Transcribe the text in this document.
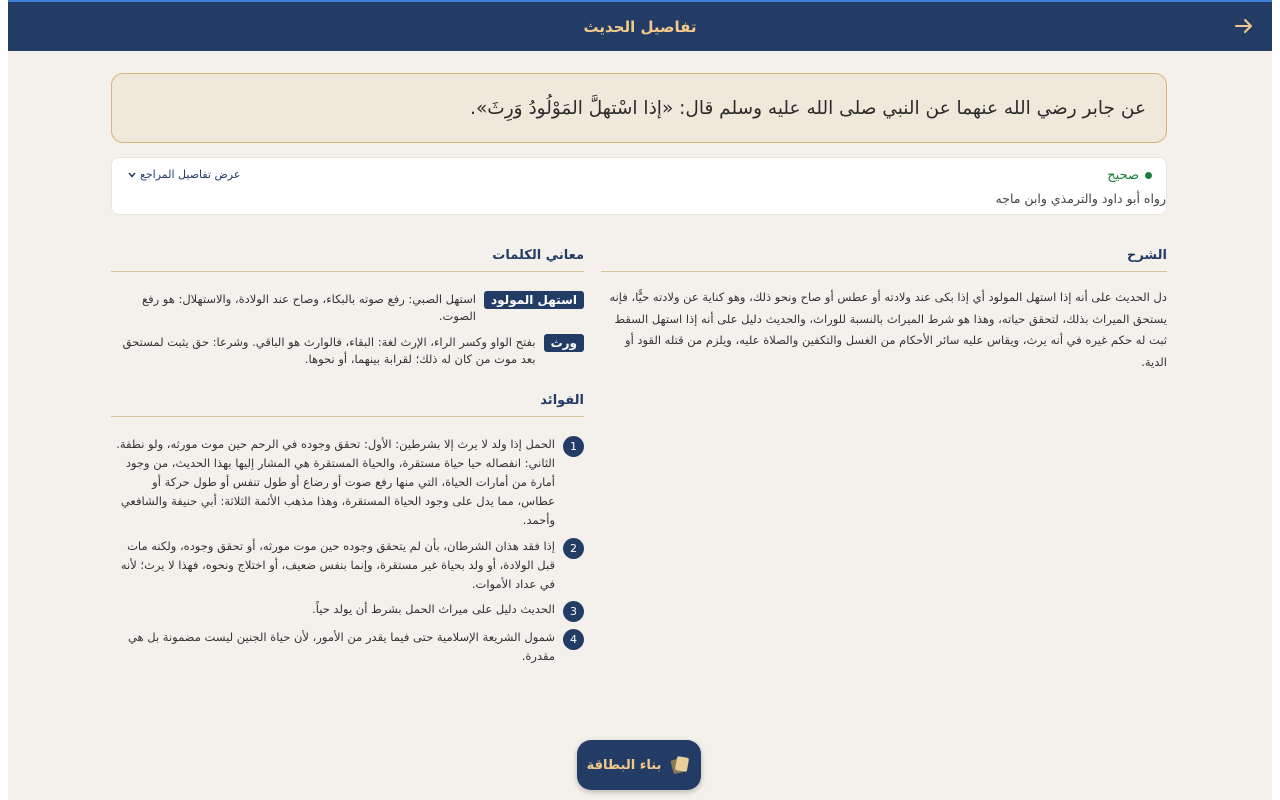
تفاصيل الحديث
عن جابر رضي الله عنهما عن النبي صلى الله عليه وسلم قال: «إذا اسْتهلَّ المَوْلُودُ وَرِثَ».
صحيح
رواه أبو داود والترمذي وابن ماجه
عرض تفاصيل المراجع
الشرح
دل الحديث على أنه إذا استهل المولود أي إذا بكى عند ولادته أو عطس أو صاح ونحو ذلك، وهو كناية عن ولادته حيًّا، فإنه يستحق الميراث بذلك، لتحقق حياته، وهذا هو شرط الميراث بالنسبة للوراث، والحديث دليل على أنه إذا استهل السقط ثبت له حكم غيره في أنه يرث، ويقاس عليه سائر الأحكام من الغسل والتكفين والصلاة عليه، ويلزم من قتله القود أو الدية.
معاني الكلمات
استهل المولود
استهل الصبي: رفع صوته بالبكاء، وصاح عند الولادة، والاستهلال: هو رفع الصوت.
ورث
بفتح الواو وكسر الراء، الإرث لغة: البقاء، فالوارث هو الباقي. وشرعا: حق يثبت لمستحق بعد موت من كان له ذلك؛ لقرابة بينهما، أو نحوها.
الفوائد
1
الحمل إذا ولد لا يرث إلا بشرطين: الأول: تحقق وجوده في الرحم حين موت مورثه، ولو نطفة. الثاني: انفصاله حيا حياة مستقرة، والحياة المستقرة هي المشار إليها بهذا الحديث، من وجود أمارة من أمارات الحياة، التي منها رفع صوت أو رضاع أو طول تنفس أو طول حركة أو عطاس، مما يدل على وجود الحياة المستقرة، وهذا مذهب الأئمة الثلاثة: أبي حنيفة والشافعي وأحمد.
2
إذا فقد هذان الشرطان، بأن لم يتحقق وجوده حين موت مورثه، أو تحقق وجوده، ولكنه مات قبل الولادة، أو ولد بحياة غير مستقرة، وإنما بنفس ضعيف، أو اختلاج ونحوه، فهذا لا يرث؛ لأنه في عداد الأموات.
3
الحديث دليل على ميراث الحمل بشرط أن يولد حياً.
4
شمول الشريعة الإسلامية حتى فيما يقدر من الأمور، لأن حياة الجنين ليست مضمونة بل هي مقدرة.
بناء البطاقة
